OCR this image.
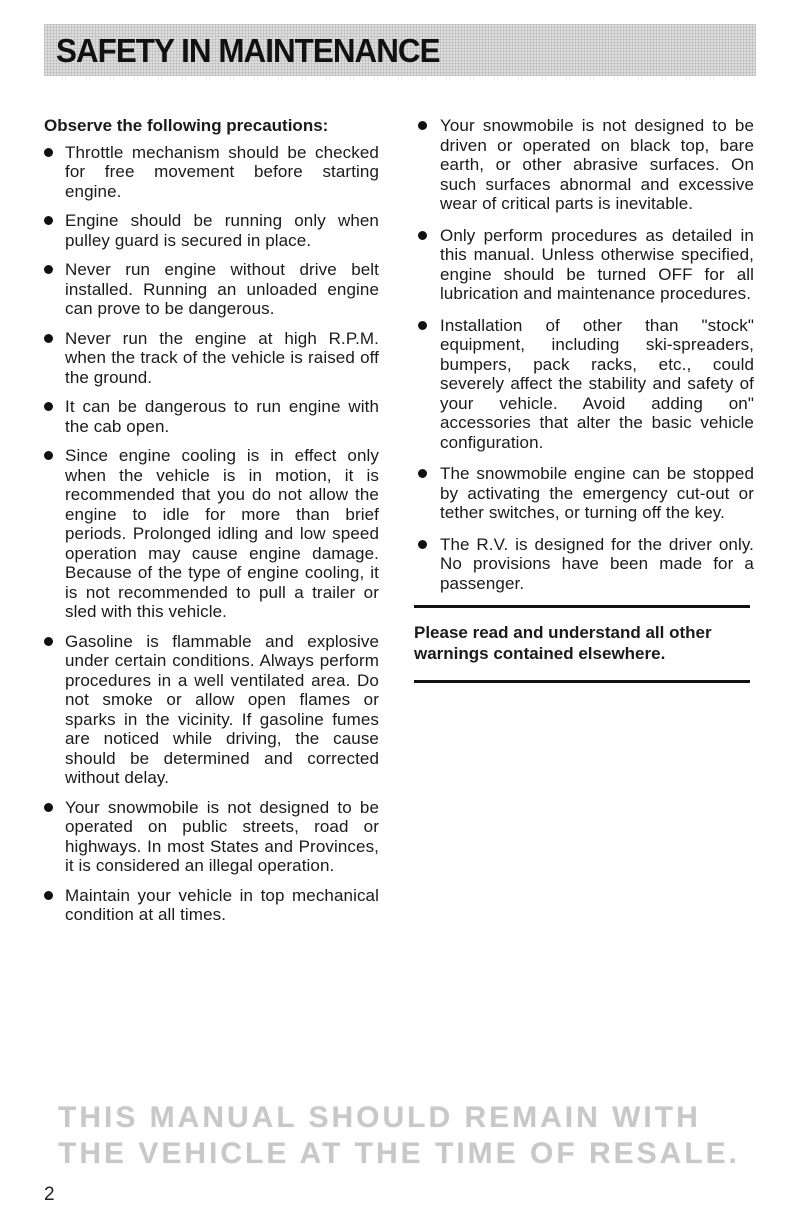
SAFETY IN MAINTENANCE

Observe the following precautions:

Throttle mechanism should be checked for free movement before starting engine.
Engine should be running only when pulley guard is secured in place.
Never run engine without drive belt installed. Running an unloaded engine can prove to be dangerous.
Never run the engine at high R.P.M. when the track of the vehicle is raised off the ground.
It can be dangerous to run engine with the cab open.
Since engine cooling is in effect only when the vehicle is in motion, it is recommended that you do not allow the engine to idle for more than brief periods. Prolonged idling and low speed operation may cause engine damage. Because of the type of engine cooling, it is not recommended to pull a trailer or sled with this vehicle.
Gasoline is flammable and explosive under certain conditions. Always perform procedures in a well ventilated area. Do not smoke or allow open flames or sparks in the vicinity. If gasoline fumes are noticed while driving, the cause should be determined and corrected without delay.
Your snowmobile is not designed to be operated on public streets, road or highways. In most States and Provinces, it is considered an illegal operation.
Maintain your vehicle in top mechanical condition at all times.
Your snowmobile is not designed to be driven or operated on black top, bare earth, or other abrasive surfaces. On such surfaces abnormal and excessive wear of critical parts is inevitable.
Only perform procedures as detailed in this manual. Unless otherwise specified, engine should be turned OFF for all lubrication and maintenance procedures.
Installation of other than "stock" equipment, including ski-spreaders, bumpers, pack racks, etc., could severely affect the stability and safety of your vehicle. Avoid adding on" accessories that alter the basic vehicle configuration.
The snowmobile engine can be stopped by activating the emergency cut-out or tether switches, or turning off the key.
The R.V. is designed for the driver only. No provisions have been made for a passenger.

Please read and understand all other warnings contained elsewhere.

THIS MANUAL SHOULD REMAIN WITH THE VEHICLE AT THE TIME OF RESALE.

2
